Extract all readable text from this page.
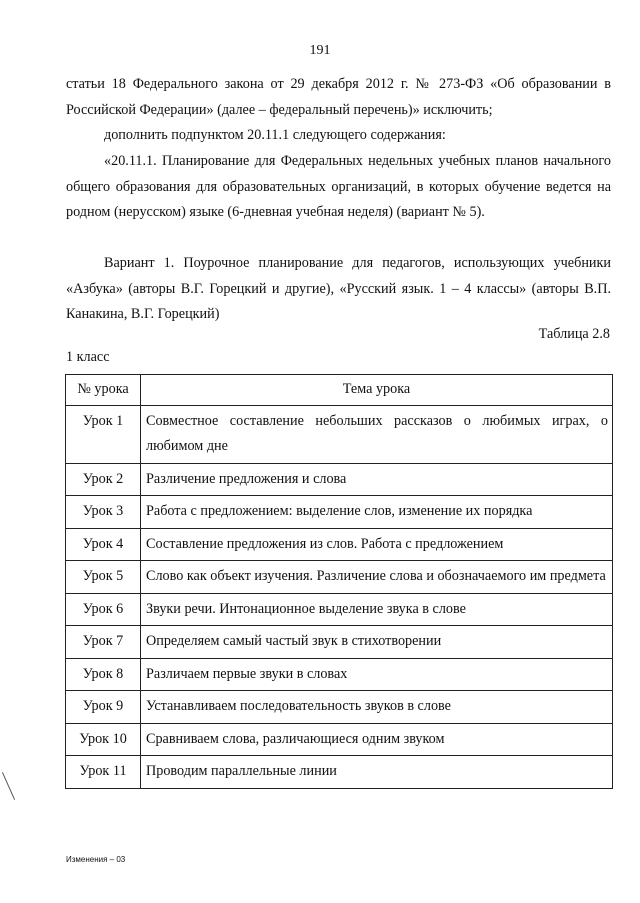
191
статьи 18 Федерального закона от 29 декабря 2012 г. № 273-ФЗ «Об образовании в Российской Федерации» (далее – федеральный перечень)» исключить;
дополнить подпунктом 20.11.1 следующего содержания:
«20.11.1. Планирование для Федеральных недельных учебных планов начального общего образования для образовательных организаций, в которых обучение ведется на родном (нерусском) языке (6-дневная учебная неделя) (вариант № 5).
Вариант 1. Поурочное планирование для педагогов, использующих учебники «Азбука» (авторы В.Г. Горецкий и другие), «Русский язык. 1 – 4 классы» (авторы В.П. Канакина, В.Г. Горецкий)
Таблица 2.8
1 класс
№ урока	Тема урока
Урок 1	Совместное составление небольших рассказов о любимых играх, о любимом дне
Урок 2	Различение предложения и слова
Урок 3	Работа с предложением: выделение слов, изменение их порядка
Урок 4	Составление предложения из слов. Работа с предложением
Урок 5	Слово как объект изучения. Различение слова и обозначаемого им предмета
Урок 6	Звуки речи. Интонационное выделение звука в слове
Урок 7	Определяем самый частый звук в стихотворении
Урок 8	Различаем первые звуки в словах
Урок 9	Устанавливаем последовательность звуков в слове
Урок 10	Сравниваем слова, различающиеся одним звуком
Урок 11	Проводим параллельные линии
Изменения – 03
